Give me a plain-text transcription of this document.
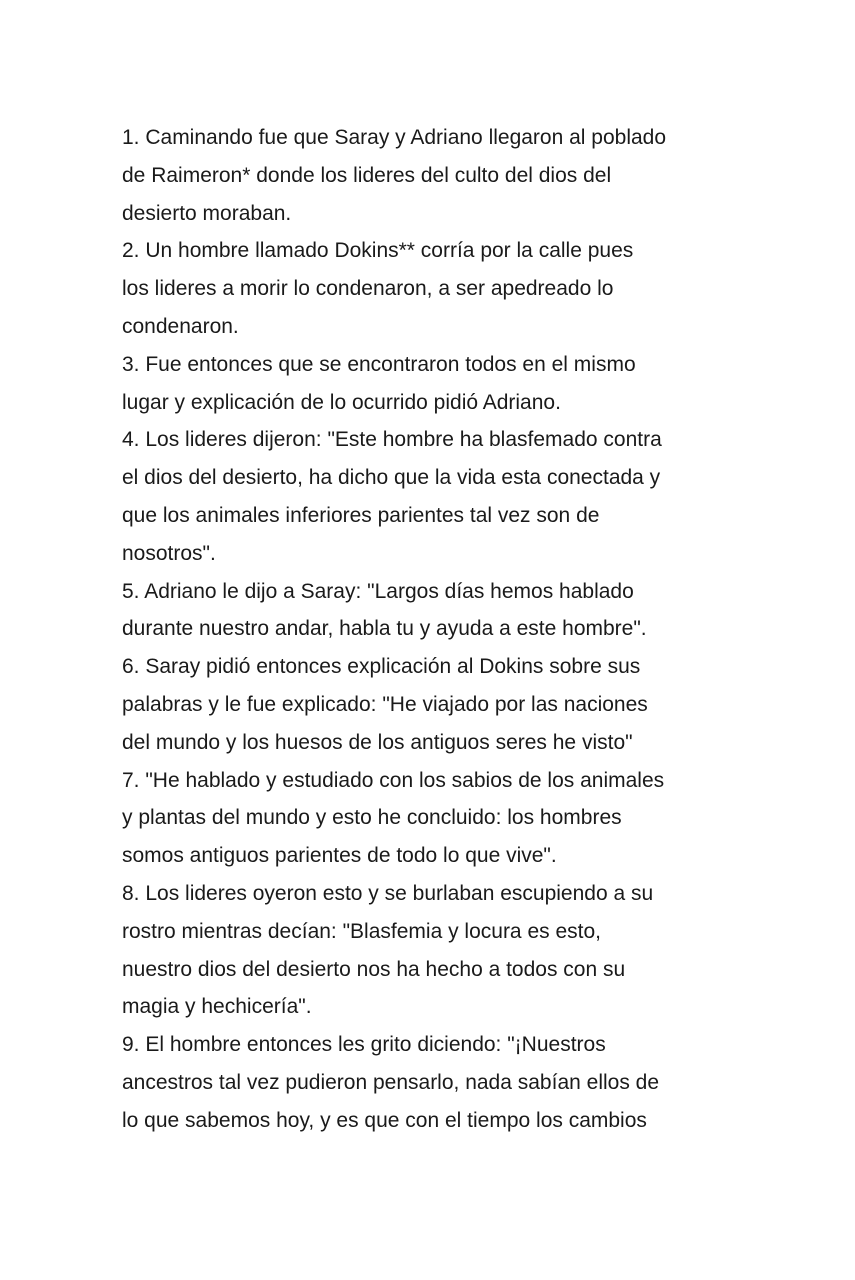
1. Caminando fue que Saray y Adriano llegaron al poblado
de Raimeron* donde los lideres del culto del dios del
desierto moraban.
2. Un hombre llamado Dokins** corría por la calle pues
los lideres a morir lo condenaron, a ser apedreado lo
condenaron.
3. Fue entonces que se encontraron todos en el mismo
lugar y explicación de lo ocurrido pidió Adriano.
4. Los lideres dijeron: "Este hombre ha blasfemado contra
el dios del desierto, ha dicho que la vida esta conectada y
que los animales inferiores parientes tal vez son de
nosotros".
5. Adriano le dijo a Saray: "Largos días hemos hablado
durante nuestro andar, habla tu y ayuda a este hombre".
6. Saray pidió entonces explicación al Dokins sobre sus
palabras y le fue explicado: "He viajado por las naciones
del mundo y los huesos de los antiguos seres he visto"
7. "He hablado y estudiado con los sabios de los animales
y plantas del mundo y esto he concluido: los hombres
somos antiguos parientes de todo lo que vive".
8. Los lideres oyeron esto y se burlaban escupiendo a su
rostro mientras decían: "Blasfemia y locura es esto,
nuestro dios del desierto nos ha hecho a todos con su
magia y hechicería".
9. El hombre entonces les grito diciendo: "¡Nuestros
ancestros tal vez pudieron pensarlo, nada sabían ellos de
lo que sabemos hoy, y es que con el tiempo los cambios
